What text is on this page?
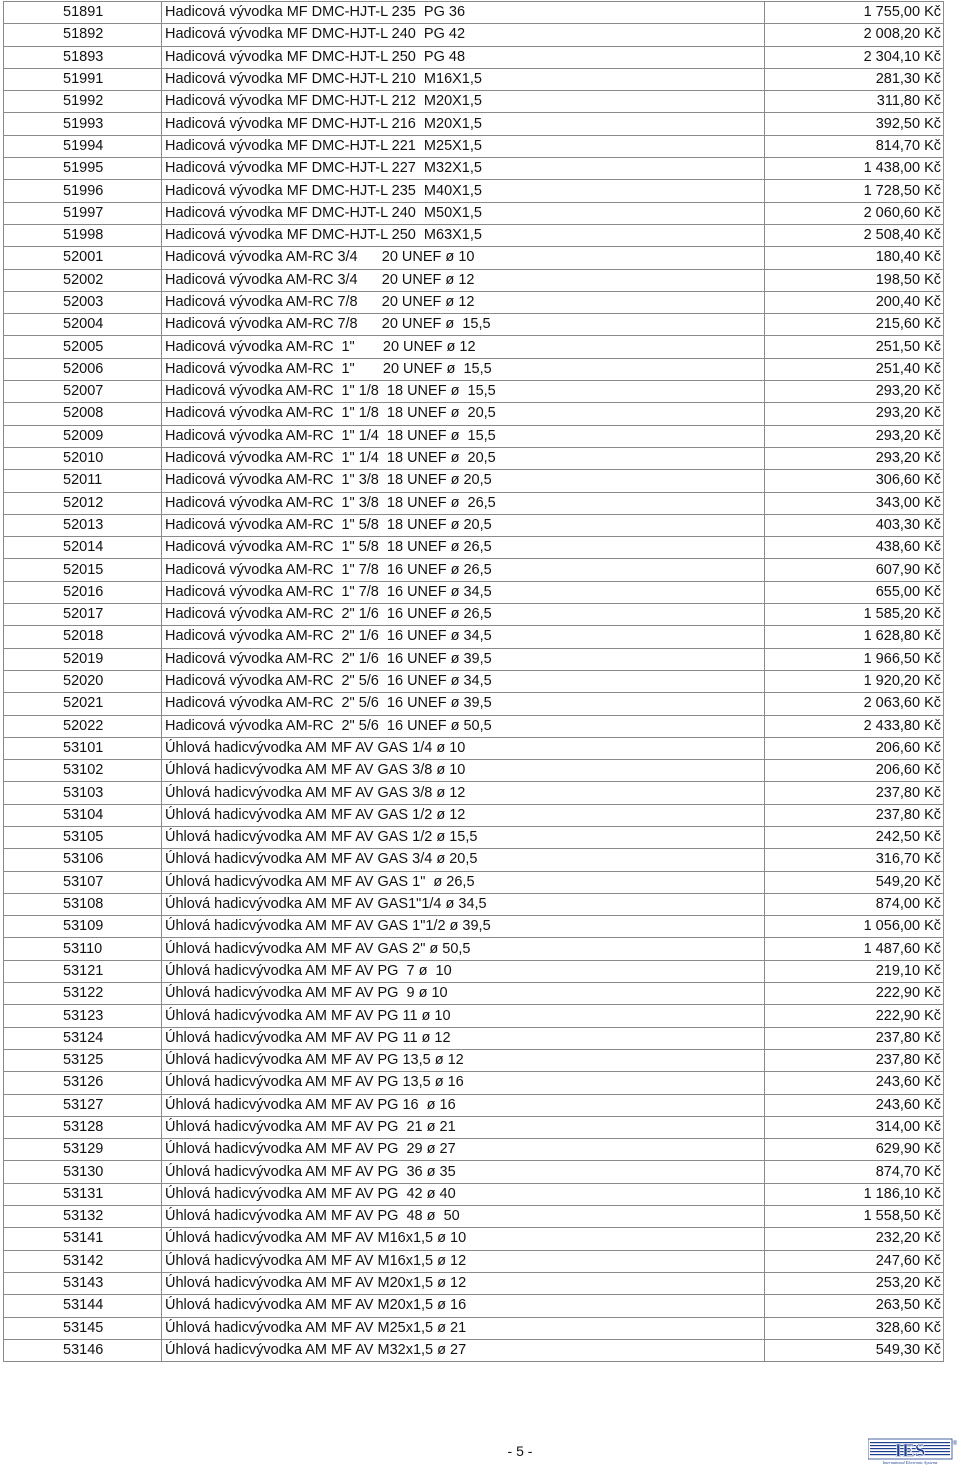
51891	Hadicová vývodka MF DMC-HJT-L 235  PG 36	1 755,00 Kč
51892	Hadicová vývodka MF DMC-HJT-L 240  PG 42	2 008,20 Kč
51893	Hadicová vývodka MF DMC-HJT-L 250  PG 48	2 304,10 Kč
51991	Hadicová vývodka MF DMC-HJT-L 210  M16X1,5	281,30 Kč
51992	Hadicová vývodka MF DMC-HJT-L 212  M20X1,5	311,80 Kč
51993	Hadicová vývodka MF DMC-HJT-L 216  M20X1,5	392,50 Kč
51994	Hadicová vývodka MF DMC-HJT-L 221  M25X1,5	814,70 Kč
51995	Hadicová vývodka MF DMC-HJT-L 227  M32X1,5	1 438,00 Kč
51996	Hadicová vývodka MF DMC-HJT-L 235  M40X1,5	1 728,50 Kč
51997	Hadicová vývodka MF DMC-HJT-L 240  M50X1,5	2 060,60 Kč
51998	Hadicová vývodka MF DMC-HJT-L 250  M63X1,5	2 508,40 Kč
52001	Hadicová vývodka AM-RC 3/4      20 UNEF ø 10	180,40 Kč
52002	Hadicová vývodka AM-RC 3/4      20 UNEF ø 12	198,50 Kč
52003	Hadicová vývodka AM-RC 7/8      20 UNEF ø 12	200,40 Kč
52004	Hadicová vývodka AM-RC 7/8      20 UNEF ø  15,5	215,60 Kč
52005	Hadicová vývodka AM-RC  1"       20 UNEF ø 12	251,50 Kč
52006	Hadicová vývodka AM-RC  1"       20 UNEF ø  15,5	251,40 Kč
52007	Hadicová vývodka AM-RC  1" 1/8  18 UNEF ø  15,5	293,20 Kč
52008	Hadicová vývodka AM-RC  1" 1/8  18 UNEF ø  20,5	293,20 Kč
52009	Hadicová vývodka AM-RC  1" 1/4  18 UNEF ø  15,5	293,20 Kč
52010	Hadicová vývodka AM-RC  1" 1/4  18 UNEF ø  20,5	293,20 Kč
52011	Hadicová vývodka AM-RC  1" 3/8  18 UNEF ø 20,5	306,60 Kč
52012	Hadicová vývodka AM-RC  1" 3/8  18 UNEF ø  26,5	343,00 Kč
52013	Hadicová vývodka AM-RC  1" 5/8  18 UNEF ø 20,5	403,30 Kč
52014	Hadicová vývodka AM-RC  1" 5/8  18 UNEF ø 26,5	438,60 Kč
52015	Hadicová vývodka AM-RC  1" 7/8  16 UNEF ø 26,5	607,90 Kč
52016	Hadicová vývodka AM-RC  1" 7/8  16 UNEF ø 34,5	655,00 Kč
52017	Hadicová vývodka AM-RC  2" 1/6  16 UNEF ø 26,5	1 585,20 Kč
52018	Hadicová vývodka AM-RC  2" 1/6  16 UNEF ø 34,5	1 628,80 Kč
52019	Hadicová vývodka AM-RC  2" 1/6  16 UNEF ø 39,5	1 966,50 Kč
52020	Hadicová vývodka AM-RC  2" 5/6  16 UNEF ø 34,5	1 920,20 Kč
52021	Hadicová vývodka AM-RC  2" 5/6  16 UNEF ø 39,5	2 063,60 Kč
52022	Hadicová vývodka AM-RC  2" 5/6  16 UNEF ø 50,5	2 433,80 Kč
53101	Úhlová hadicvývodka AM MF AV GAS 1/4 ø 10	206,60 Kč
53102	Úhlová hadicvývodka AM MF AV GAS 3/8 ø 10	206,60 Kč
53103	Úhlová hadicvývodka AM MF AV GAS 3/8 ø 12	237,80 Kč
53104	Úhlová hadicvývodka AM MF AV GAS 1/2 ø 12	237,80 Kč
53105	Úhlová hadicvývodka AM MF AV GAS 1/2 ø 15,5	242,50 Kč
53106	Úhlová hadicvývodka AM MF AV GAS 3/4 ø 20,5	316,70 Kč
53107	Úhlová hadicvývodka AM MF AV GAS 1"  ø 26,5	549,20 Kč
53108	Úhlová hadicvývodka AM MF AV GAS1"1/4 ø 34,5	874,00 Kč
53109	Úhlová hadicvývodka AM MF AV GAS 1"1/2 ø 39,5	1 056,00 Kč
53110	Úhlová hadicvývodka AM MF AV GAS 2" ø 50,5	1 487,60 Kč
53121	Úhlová hadicvývodka AM MF AV PG  7 ø  10	219,10 Kč
53122	Úhlová hadicvývodka AM MF AV PG  9 ø 10	222,90 Kč
53123	Úhlová hadicvývodka AM MF AV PG 11 ø 10	222,90 Kč
53124	Úhlová hadicvývodka AM MF AV PG 11 ø 12	237,80 Kč
53125	Úhlová hadicvývodka AM MF AV PG 13,5 ø 12	237,80 Kč
53126	Úhlová hadicvývodka AM MF AV PG 13,5 ø 16	243,60 Kč
53127	Úhlová hadicvývodka AM MF AV PG 16  ø 16	243,60 Kč
53128	Úhlová hadicvývodka AM MF AV PG  21 ø 21	314,00 Kč
53129	Úhlová hadicvývodka AM MF AV PG  29 ø 27	629,90 Kč
53130	Úhlová hadicvývodka AM MF AV PG  36 ø 35	874,70 Kč
53131	Úhlová hadicvývodka AM MF AV PG  42 ø 40	1 186,10 Kč
53132	Úhlová hadicvývodka AM MF AV PG  48 ø  50	1 558,50 Kč
53141	Úhlová hadicvývodka AM MF AV M16x1,5 ø 10	232,20 Kč
53142	Úhlová hadicvývodka AM MF AV M16x1,5 ø 12	247,60 Kč
53143	Úhlová hadicvývodka AM MF AV M20x1,5 ø 12	253,20 Kč
53144	Úhlová hadicvývodka AM MF AV M20x1,5 ø 16	263,50 Kč
53145	Úhlová hadicvývodka AM MF AV M25x1,5 ø 21	328,60 Kč
53146	Úhlová hadicvývodka AM MF AV M32x1,5 ø 27	549,30 Kč
- 5 -	IES	®
International Electronic Systems
